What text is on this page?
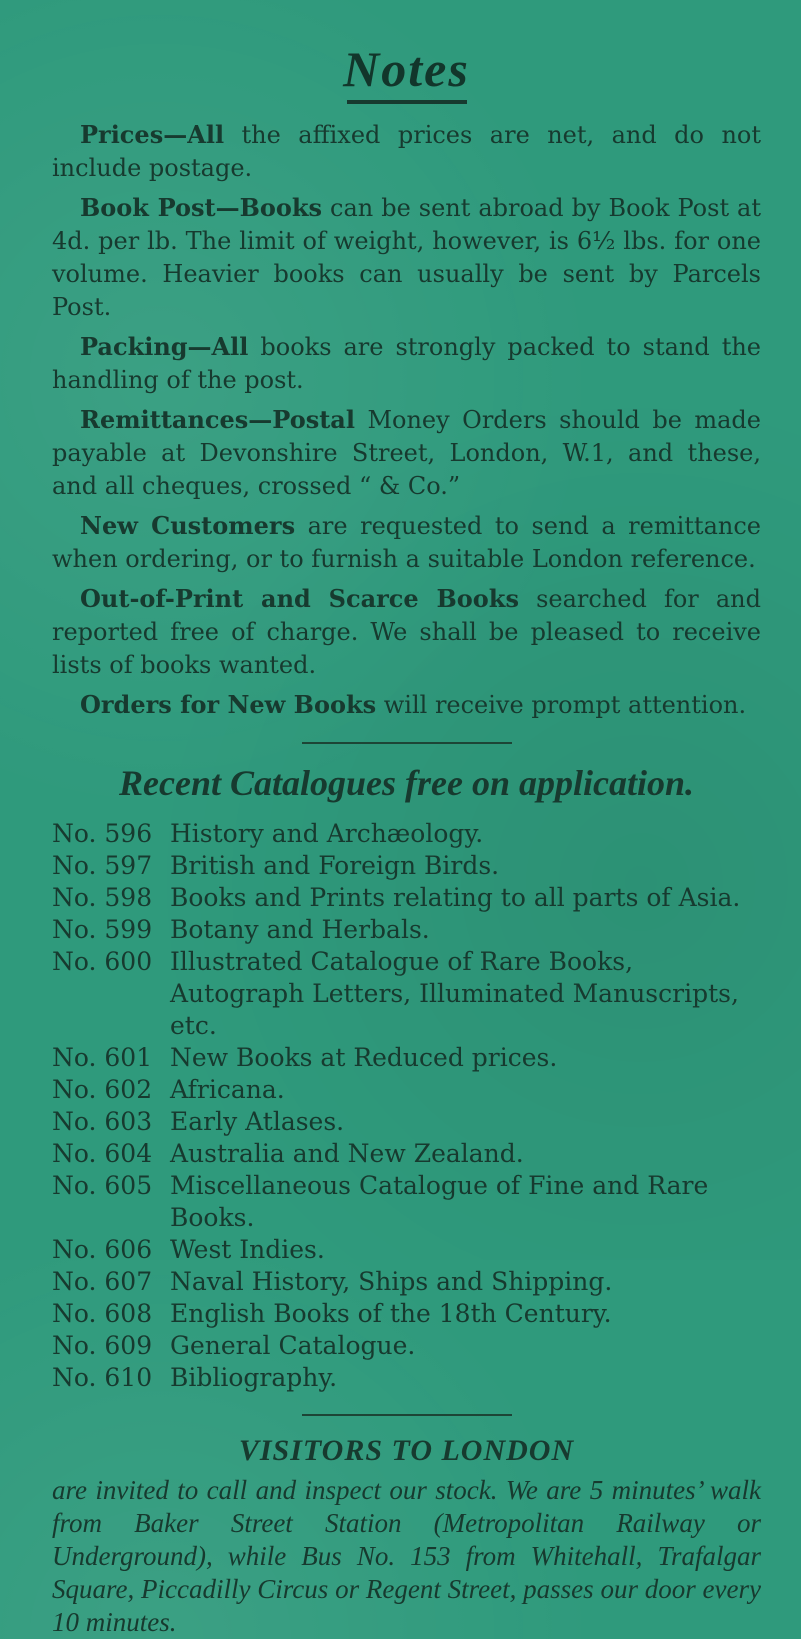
Notes

Prices—All the affixed prices are net, and do not include postage.

Book Post—Books can be sent abroad by Book Post at 4d. per lb. The limit of weight, however, is 6½ lbs. for one volume. Heavier books can usually be sent by Parcels Post.

Packing—All books are strongly packed to stand the handling of the post.

Remittances—Postal Money Orders should be made payable at Devonshire Street, London, W.1, and these, and all cheques, crossed “ & Co.”

New Customers are requested to send a remittance when ordering, or to furnish a suitable London reference.

Out-of-Print and Scarce Books searched for and reported free of charge. We shall be pleased to receive lists of books wanted.

Orders for New Books will receive prompt attention.

Recent Catalogues free on application.
No. 596 History and Archæology.
No. 597 British and Foreign Birds.
No. 598 Books and Prints relating to all parts of Asia.
No. 599 Botany and Herbals.
No. 600 Illustrated Catalogue of Rare Books, Autograph Letters, Illuminated Manuscripts, etc.
No. 601 New Books at Reduced prices.
No. 602 Africana.
No. 603 Early Atlases.
No. 604 Australia and New Zealand.
No. 605 Miscellaneous Catalogue of Fine and Rare Books.
No. 606 West Indies.
No. 607 Naval History, Ships and Shipping.
No. 608 English Books of the 18th Century.
No. 609 General Catalogue.
No. 610 Bibliography.
VISITORS TO LONDON

are invited to call and inspect our stock. We are 5 minutes’ walk from Baker Street Station (Metropolitan Railway or Underground), while Bus No. 153 from Whitehall, Trafalgar Square, Piccadilly Circus or Regent Street, passes our door every 10 minutes.
